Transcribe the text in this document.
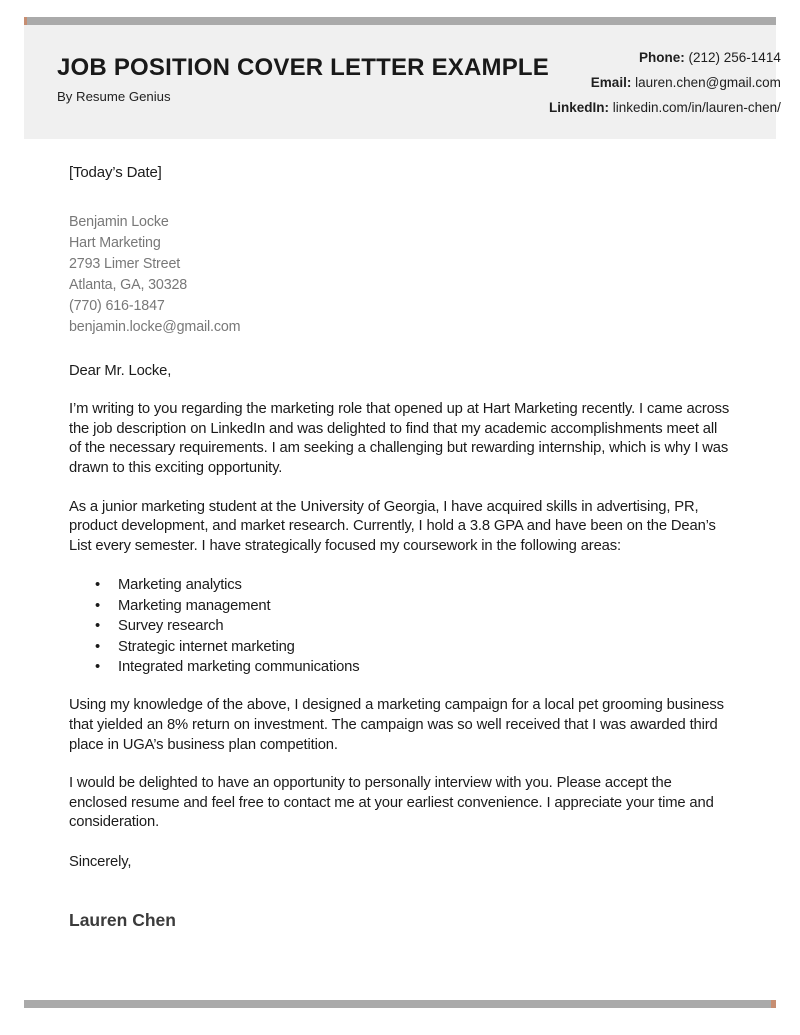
JOB POSITION COVER LETTER EXAMPLE
By Resume Genius
Phone: (212) 256-1414
Email: lauren.chen@gmail.com
LinkedIn: linkedin.com/in/lauren-chen/

[Today’s Date]

Benjamin Locke
Hart Marketing
2793 Limer Street
Atlanta, GA, 30328
(770) 616-1847
benjamin.locke@gmail.com

Dear Mr. Locke,

I’m writing to you regarding the marketing role that opened up at Hart Marketing recently. I came across the job description on LinkedIn and was delighted to find that my academic accomplishments meet all of the necessary requirements. I am seeking a challenging but rewarding internship, which is why I was drawn to this exciting opportunity.

As a junior marketing student at the University of Georgia, I have acquired skills in advertising, PR, product development, and market research. Currently, I hold a 3.8 GPA and have been on the Dean’s List every semester. I have strategically focused my coursework in the following areas:

• Marketing analytics
• Marketing management
• Survey research
• Strategic internet marketing
• Integrated marketing communications

Using my knowledge of the above, I designed a marketing campaign for a local pet grooming business that yielded an 8% return on investment. The campaign was so well received that I was awarded third place in UGA’s business plan competition.

I would be delighted to have an opportunity to personally interview with you. Please accept the enclosed resume and feel free to contact me at your earliest convenience. I appreciate your time and consideration.

Sincerely,

Lauren Chen
